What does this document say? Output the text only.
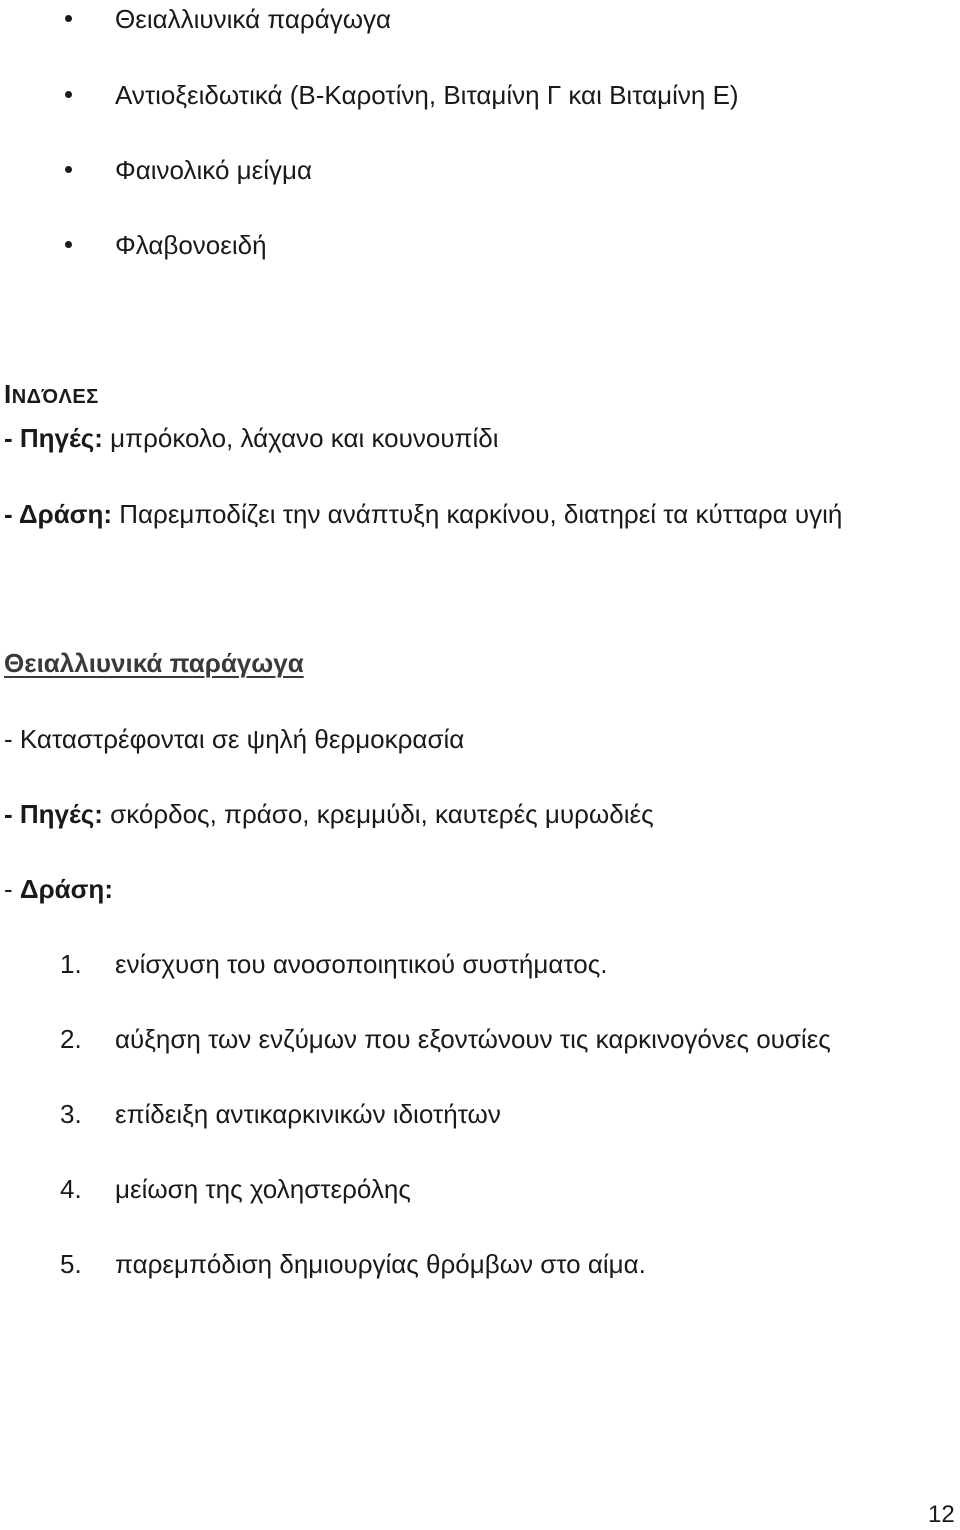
Θειαλλιυνικά παράγωγα
Αντιοξειδωτικά (Β-Καροτίνη, Βιταμίνη Γ και Βιταμίνη Ε)
Φαινολικό μείγμα
Φλαβονοειδή
ΙΝΔΌΛΕΣ
- Πηγές: μπρόκολο, λάχανο και κουνουπίδι
- Δράση: Παρεμποδίζει την ανάπτυξη καρκίνου, διατηρεί τα κύτταρα υγιή
Θειαλλιυνικά παράγωγα
- Καταστρέφονται σε ψηλή θερμοκρασία
- Πηγές: σκόρδος, πράσο, κρεμμύδι, καυτερές μυρωδιές
- Δράση:
1. ενίσχυση του ανοσοποιητικού συστήματος.
2. αύξηση των ενζύμων που εξοντώνουν τις καρκινογόνες ουσίες
3. επίδειξη αντικαρκινικών ιδιοτήτων
4. μείωση της χοληστερόλης
5. παρεμπόδιση δημιουργίας θρόμβων στο αίμα.
12
